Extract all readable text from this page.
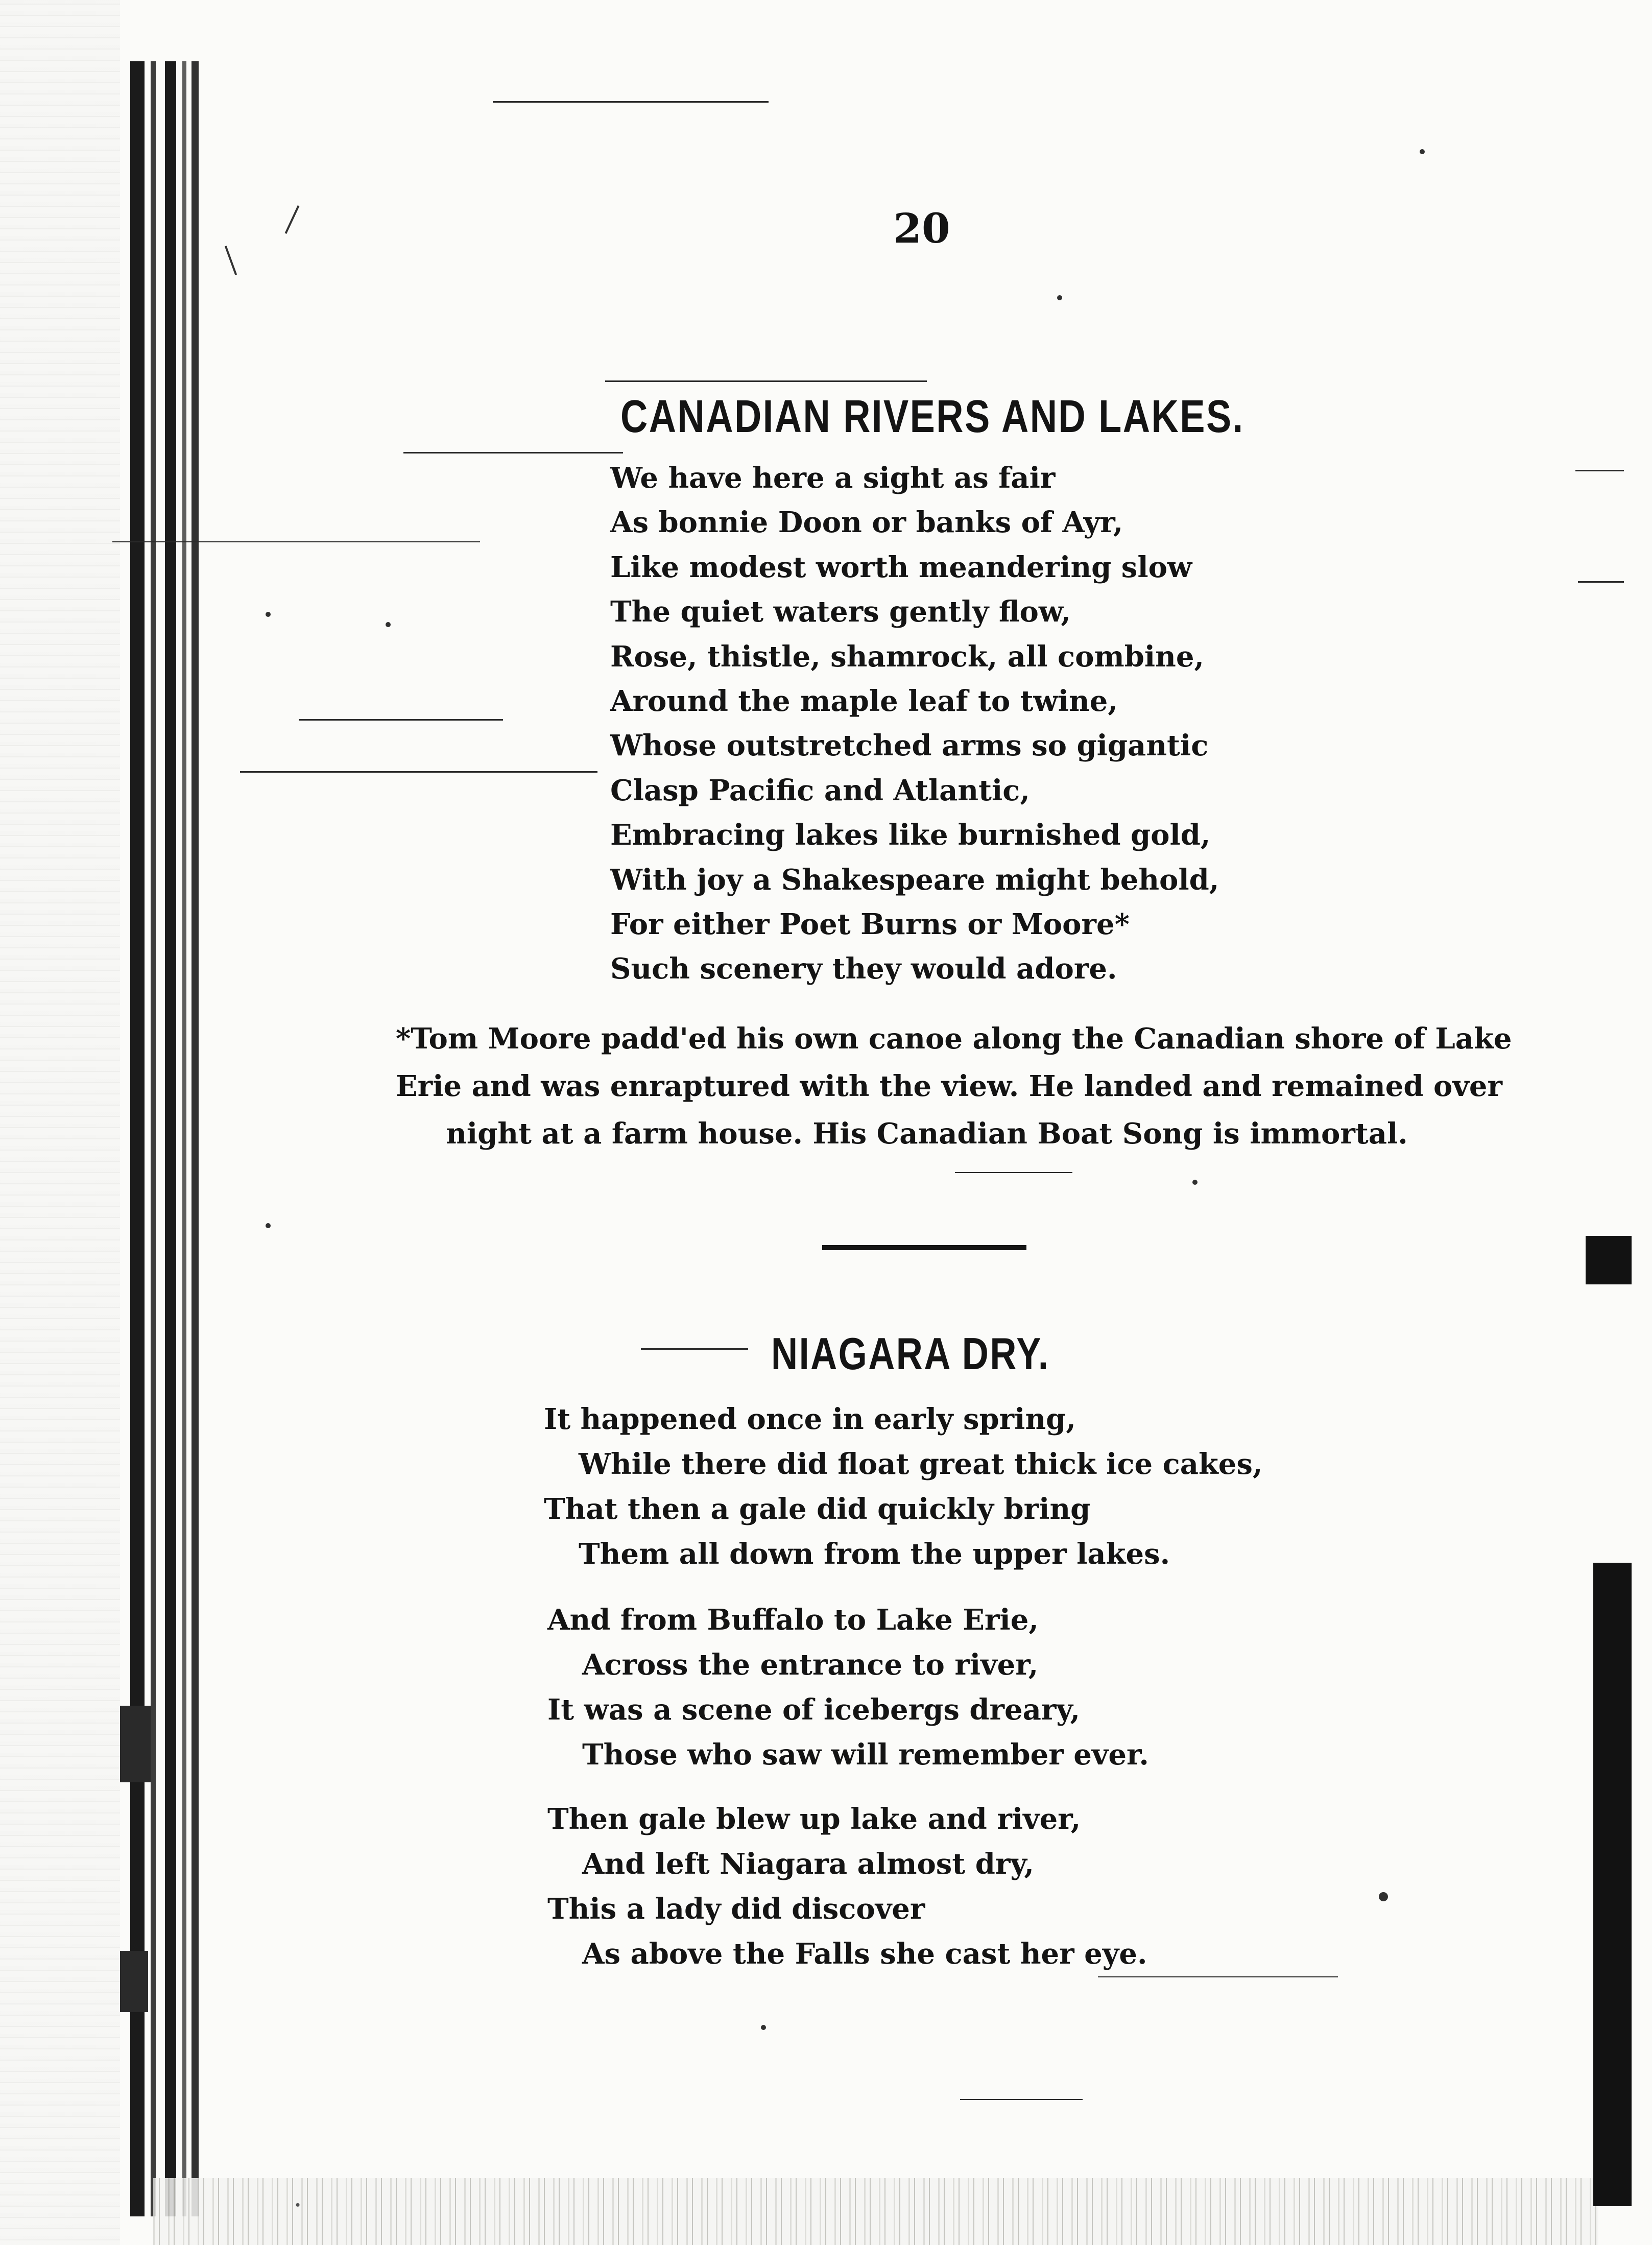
20
CANADIAN RIVERS AND LAKES.
We have here a sight as fair
As bonnie Doon or banks of Ayr,
Like modest worth meandering slow
The quiet waters gently flow,
Rose, thistle, shamrock, all combine,
Around the maple leaf to twine,
Whose outstretched arms so gigantic
Clasp Pacific and Atlantic,
Embracing lakes like burnished gold,
With joy a Shakespeare might behold,
For either Poet Burns or Moore*
Such scenery they would adore.

*Tom Moore padd'ed his own canoe along the Canadian shore of Lake
Erie and was enraptured with the view. He landed and remained over
night at a farm house. His Canadian Boat Song is immortal.

NIAGARA DRY.
It happened once in early spring,
While there did float great thick ice cakes,
That then a gale did quickly bring
Them all down from the upper lakes.
And from Buffalo to Lake Erie,
Across the entrance to river,
It was a scene of icebergs dreary,
Those who saw will remember ever.
Then gale blew up lake and river,
And left Niagara almost dry,
This a lady did discover
As above the Falls she cast her eye.
